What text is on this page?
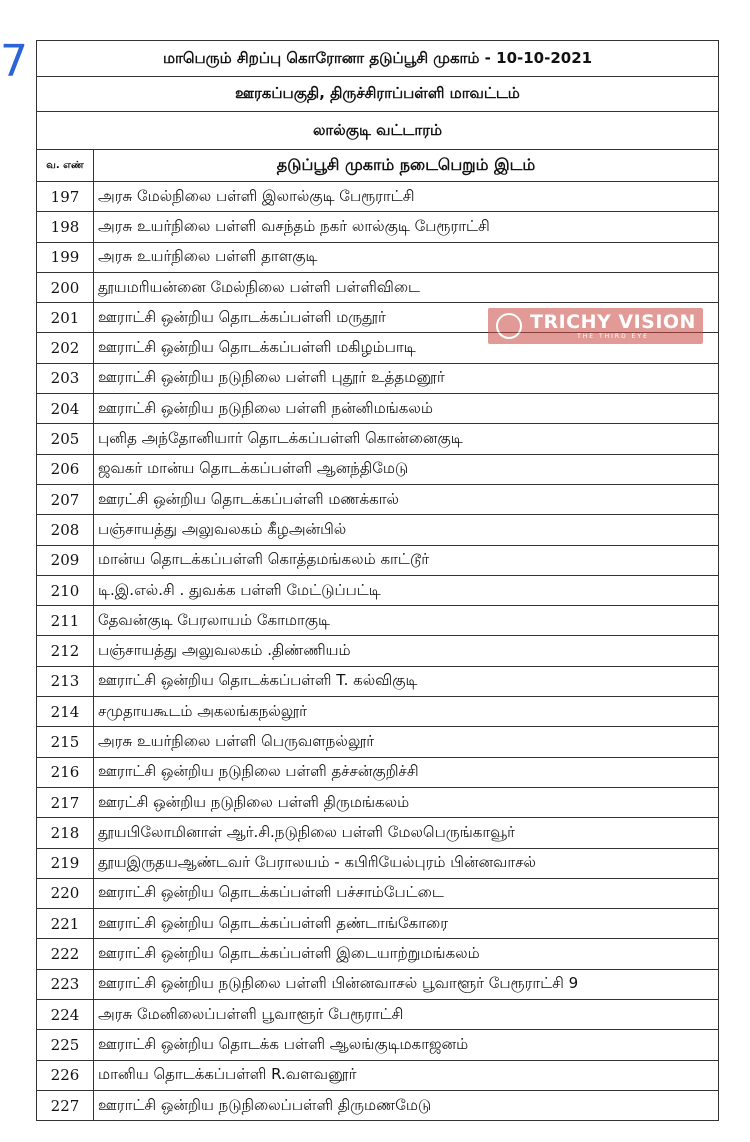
7	மாபெரும் சிறப்பு கொரோனா தடுப்பூசி முகாம் - 10-10-2021	
ஊரகப்பகுதி, திருச்சிராப்பள்ளி மாவட்டம்	
லால்குடி வட்டாரம்	
வ. எண்	தடுப்பூசி முகாம் நடைபெறும் இடம்
197	அரசு மேல்நிலை பள்ளி இலால்குடி பேரூராட்சி
198	அரசு உயர்நிலை பள்ளி வசந்தம் நகர் லால்குடி பேரூராட்சி
199	அரசு உயர்நிலை பள்ளி தாளகுடி
200	தூயமரியன்னை மேல்நிலை பள்ளி பள்ளிவிடை
201	ஊராட்சி ஒன்றிய தொடக்கப்பள்ளி மருதூர்
202	ஊராட்சி ஒன்றிய தொடக்கப்பள்ளி மகிழம்பாடி
203	ஊராட்சி ஒன்றிய நடுநிலை பள்ளி புதூர் உத்தமனூர்
204	ஊராட்சி ஒன்றிய நடுநிலை பள்ளி நன்னிமங்கலம்
205	புனித அந்தோனியார் தொடக்கப்பள்ளி கொன்னைகுடி
206	ஜவகர் மான்ய தொடக்கப்பள்ளி ஆனந்திமேடு
207	ஊரட்சி ஒன்றிய தொடக்கப்பள்ளி மணக்கால்
208	பஞ்சாயத்து அலுவலகம் கீழஅன்பில்
209	மான்ய தொடக்கப்பள்ளி கொத்தமங்கலம் காட்டூர்
210	டி.இ.எல்.சி . துவக்க பள்ளி மேட்டுப்பட்டி
211	தேவன்குடி பேரலாயம் கோமாகுடி
212	பஞ்சாயத்து அலுவலகம் .திண்ணியம்
213	ஊராட்சி ஒன்றிய தொடக்கப்பள்ளி T. கல்விகுடி
214	சமுதாயகூடம் அகலங்கநல்லூர்
215	அரசு உயர்நிலை பள்ளி பெருவளநல்லூர்
216	ஊராட்சி ஒன்றிய நடுநிலை பள்ளி தச்சன்குறிச்சி
217	ஊரட்சி ஒன்றிய நடுநிலை பள்ளி திருமங்கலம்
218	தூயபிலோமினாள் ஆர்.சி.நடுநிலை பள்ளி மேலபெருங்காவூர்
219	தூயஇருதயஆண்டவர் பேராலயம் - கபிரியேல்புரம் பின்னவாசல்
220	ஊராட்சி ஒன்றிய தொடக்கப்பள்ளி பச்சாம்பேட்டை
221	ஊராட்சி ஒன்றிய தொடக்கப்பள்ளி தண்டாங்கோரை
222	ஊராட்சி ஒன்றிய தொடக்கப்பள்ளி இடையாற்றுமங்கலம்
223	ஊராட்சி ஒன்றிய நடுநிலை பள்ளி பின்னவாசல் பூவாளூர் பேரூராட்சி 9
224	அரசு மேனிலைப்பள்ளி பூவாளூர் பேரூராட்சி
225	ஊராட்சி ஒன்றிய தொடக்க பள்ளி ஆலங்குடிமகாஜனம்
226	மானிய தொடக்கப்பள்ளி R.வளவனூர்
227	ஊராட்சி ஒன்றிய நடுநிலைப்பள்ளி திருமணமேடு
TRICHY VISION
THE THIRD EYE
